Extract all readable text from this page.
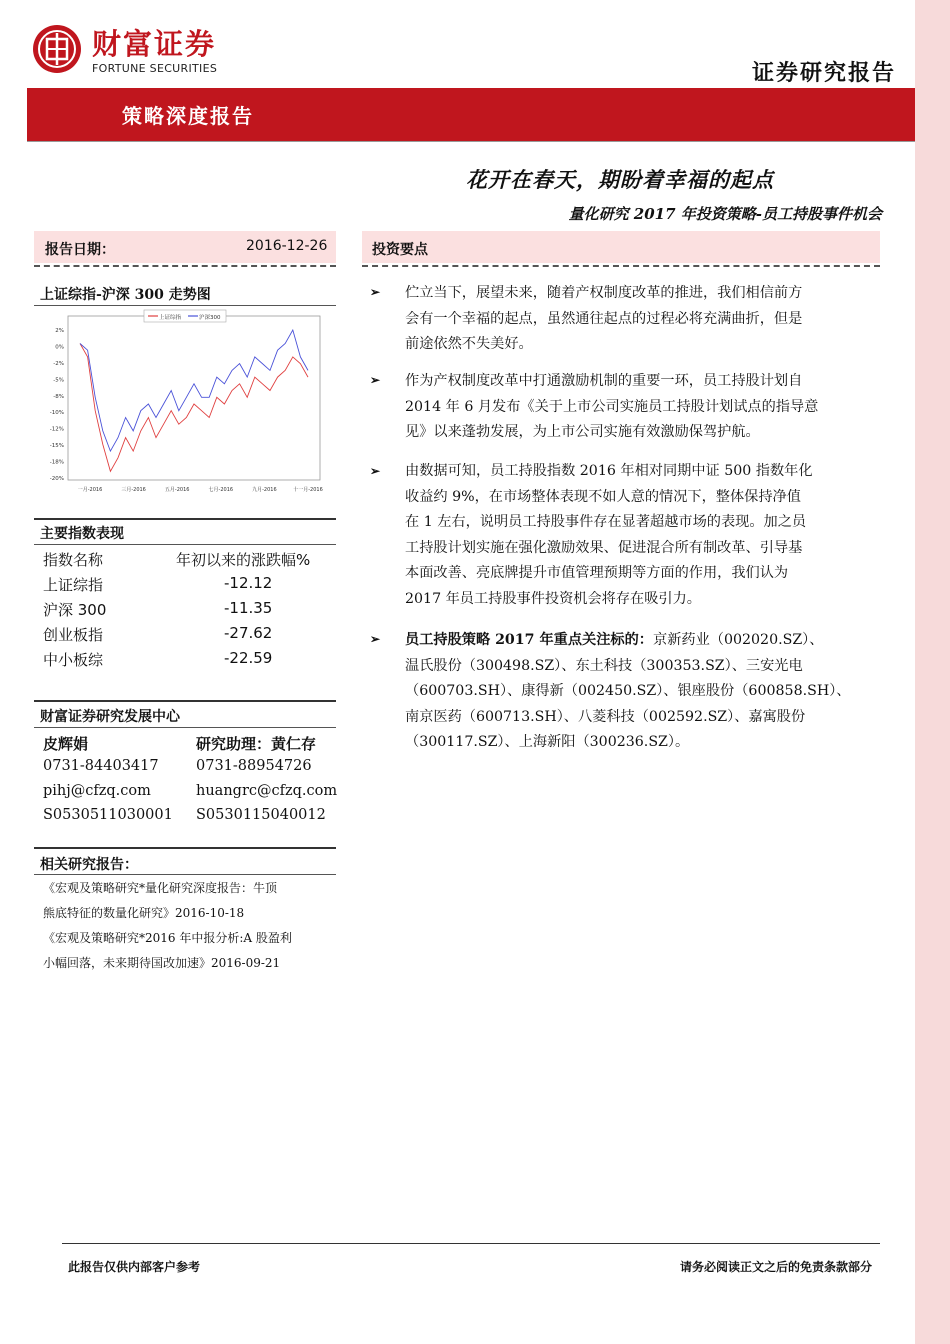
财富证券
FORTUNE SECURITIES	证券研究报告
策略深度报告
花开在春天，期盼着幸福的起点
量化研究 2017 年投资策略-员工持股事件机会
报告日期：	2016-12-26
上证综指-沪深 300 走势图
上证综指	沪深300
2%
0%
-2%
-5%
-8%
-10%
-12%
-15%
-18%
-20%
一月-2016	三月-2016	五月-2016	七月-2016	九月-2016	十一月-2016
主要指数表现
指数名称	年初以来的涨跌幅%
上证综指	-12.12
沪深 300	-11.35
创业板指	-27.62
中小板综	-22.59
财富证券研究发展中心
皮辉娟	研究助理：黄仁存
0731-84403417	0731-88954726
pihj@cfzq.com	huangrc@cfzq.com
S0530511030001 S0530115040012
相关研究报告：
《宏观及策略研究*量化研究深度报告：牛顶
熊底特征的数量化研究》2016-10-18
《宏观及策略研究*2016 年中报分析:A 股盈利
小幅回落，未来期待国改加速》2016-09-21
投资要点
➢ 伫立当下，展望未来，随着产权制度改革的推进，我们相信前方
会有一个幸福的起点，虽然通往起点的过程必将充满曲折，但是
前途依然不失美好。
➢ 作为产权制度改革中打通激励机制的重要一环，员工持股计划自
2014 年 6 月发布《关于上市公司实施员工持股计划试点的指导意
见》以来蓬勃发展，为上市公司实施有效激励保驾护航。
➢ 由数据可知，员工持股指数 2016 年相对同期中证 500 指数年化
收益约 9%，在市场整体表现不如人意的情况下，整体保持净值
在 1 左右，说明员工持股事件存在显著超越市场的表现。加之员
工持股计划实施在强化激励效果、促进混合所有制改革、引导基
本面改善、亮底牌提升市值管理预期等方面的作用，我们认为
2017 年员工持股事件投资机会将存在吸引力。
➢ 员工持股策略 2017 年重点关注标的：京新药业（002020.SZ）、
温氏股份（300498.SZ）、东土科技（300353.SZ）、三安光电
（600703.SH）、康得新（002450.SZ）、银座股份（600858.SH）、
南京医药（600713.SH）、八菱科技（002592.SZ）、嘉寓股份
（300117.SZ）、上海新阳（300236.SZ）。
此报告仅供内部客户参考	请务必阅读正文之后的免责条款部分
